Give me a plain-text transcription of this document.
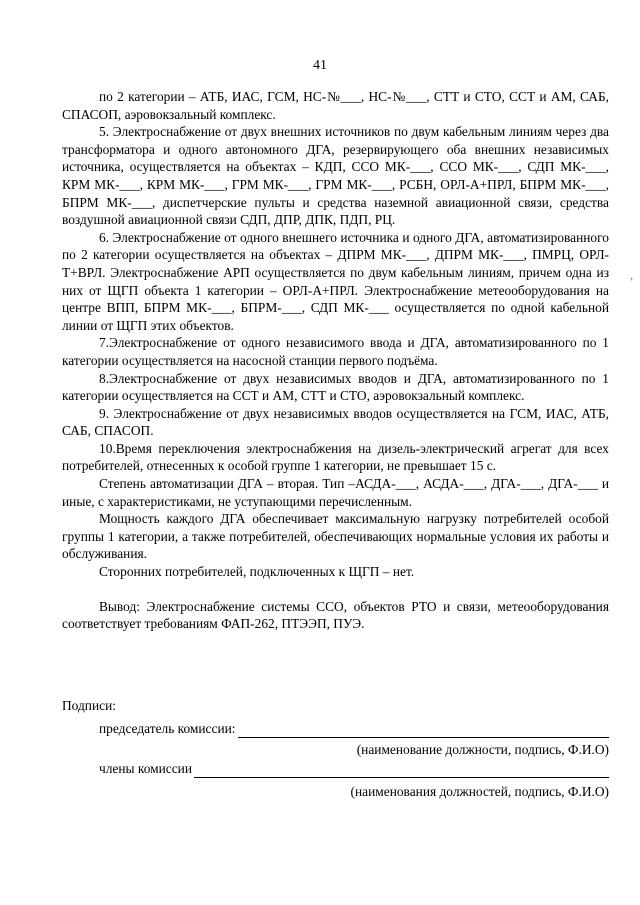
41
,

по 2 категории – АТБ, ИАС, ГСМ, НС-№___, НС-№___, СТТ и СТО, ССТ и АМ, САБ, СПАСОП, аэровокзальный комплекс.

5. Электроснабжение от двух внешних источников по двум кабельным линиям через два трансформатора и одного автономного ДГА, резервирующего оба внешних независимых источника, осуществляется на объектах – КДП, ССО МК-___, ССО МК-___, СДП МК-___, КРМ МК-___, КРМ МК-___, ГРМ МК-___, ГРМ МК-___, РСБН, ОРЛ-А+ПРЛ, БПРМ МК-___, БПРМ МК-___, диспетчерские пульты и средства наземной авиационной связи, средства воздушной авиационной связи СДП, ДПР, ДПК, ПДП, РЦ.

6. Электроснабжение от одного внешнего источника и одного ДГА, автоматизированного по 2 категории осуществляется на объектах – ДПРМ МК-___, ДПРМ МК-___, ПМРЦ, ОРЛ-Т+ВРЛ. Электроснабжение АРП осуществляется по двум кабельным линиям, причем одна из них от ЩГП объекта 1 категории – ОРЛ-А+ПРЛ. Электроснабжение метеооборудования на центре ВПП, БПРМ МК-___, БПРМ-___, СДП МК-___ осуществляется по одной кабельной линии от ЩГП этих объектов.

7.Электроснабжение от одного независимого ввода и ДГА, автоматизированного по 1 категории осуществляется на насосной станции первого подъёма.

8.Электроснабжение от двух независимых вводов и ДГА, автоматизированного по 1 категории осуществляется на ССТ и АМ, СТТ и СТО, аэровокзальный комплекс.

9. Электроснабжение от двух независимых вводов осуществляется на ГСМ, ИАС, АТБ, САБ, СПАСОП.

10.Время переключения электроснабжения на дизель-электрический агрегат для всех потребителей, отнесенных к особой группе 1 категории, не превышает 15 с.

Степень автоматизации ДГА – вторая. Тип –АСДА-___, АСДА-___, ДГА-___, ДГА-___ и иные, с характеристиками, не уступающими перечисленным.

Мощность каждого ДГА обеспечивает максимальную нагрузку потребителей особой группы 1 категории, а также потребителей, обеспечивающих нормальные условия их работы и обслуживания.

Сторонних потребителей, подключенных к ЩГП – нет.

Вывод: Электроснабжение системы ССО, объектов РТО и связи, метеооборудования соответствует требованиям ФАП-262, ПТЭЭП, ПУЭ.

Подписи:
председатель комиссии:
(наименование должности, подпись, Ф.И.О)
члены комиссии
(наименования должностей, подпись, Ф.И.О)
